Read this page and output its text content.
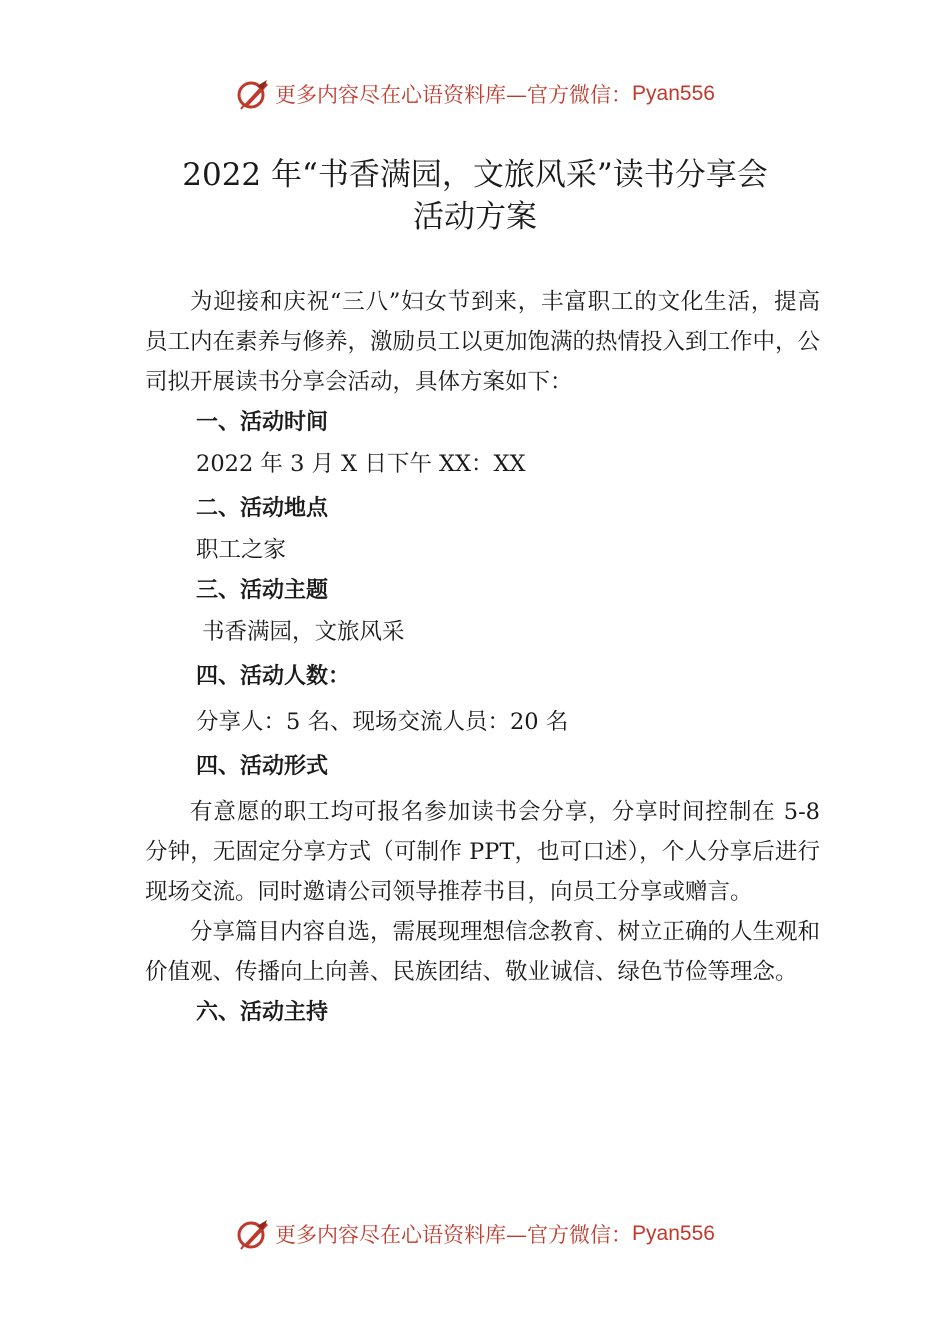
更多内容尽在心语资料库—官方微信： Pyan556
2022 年“书香满园，文旅风采”读书分享会
活动方案

为迎接和庆祝“三八”妇女节到来，丰富职工的文化生活，提高员工内在素养与修养，激励员工以更加饱满的热情投入到工作中，公司拟开展读书分享会活动，具体方案如下：

一、活动时间

2022 年 3 月 X 日下午 XX：XX

二、活动地点

职工之家

三、活动主题

书香满园，文旅风采

四、活动人数：

分享人：5 名、现场交流人员：20 名

四、活动形式

有意愿的职工均可报名参加读书会分享，分享时间控制在 5-8 分钟，无固定分享方式（可制作 PPT，也可口述），个人分享后进行现场交流。同时邀请公司领导推荐书目，向员工分享或赠言。

分享篇目内容自选，需展现理想信念教育、树立正确的人生观和价值观、传播向上向善、民族团结、敬业诚信、绿色节俭等理念。

六、活动主持

更多内容尽在心语资料库—官方微信： Pyan556
